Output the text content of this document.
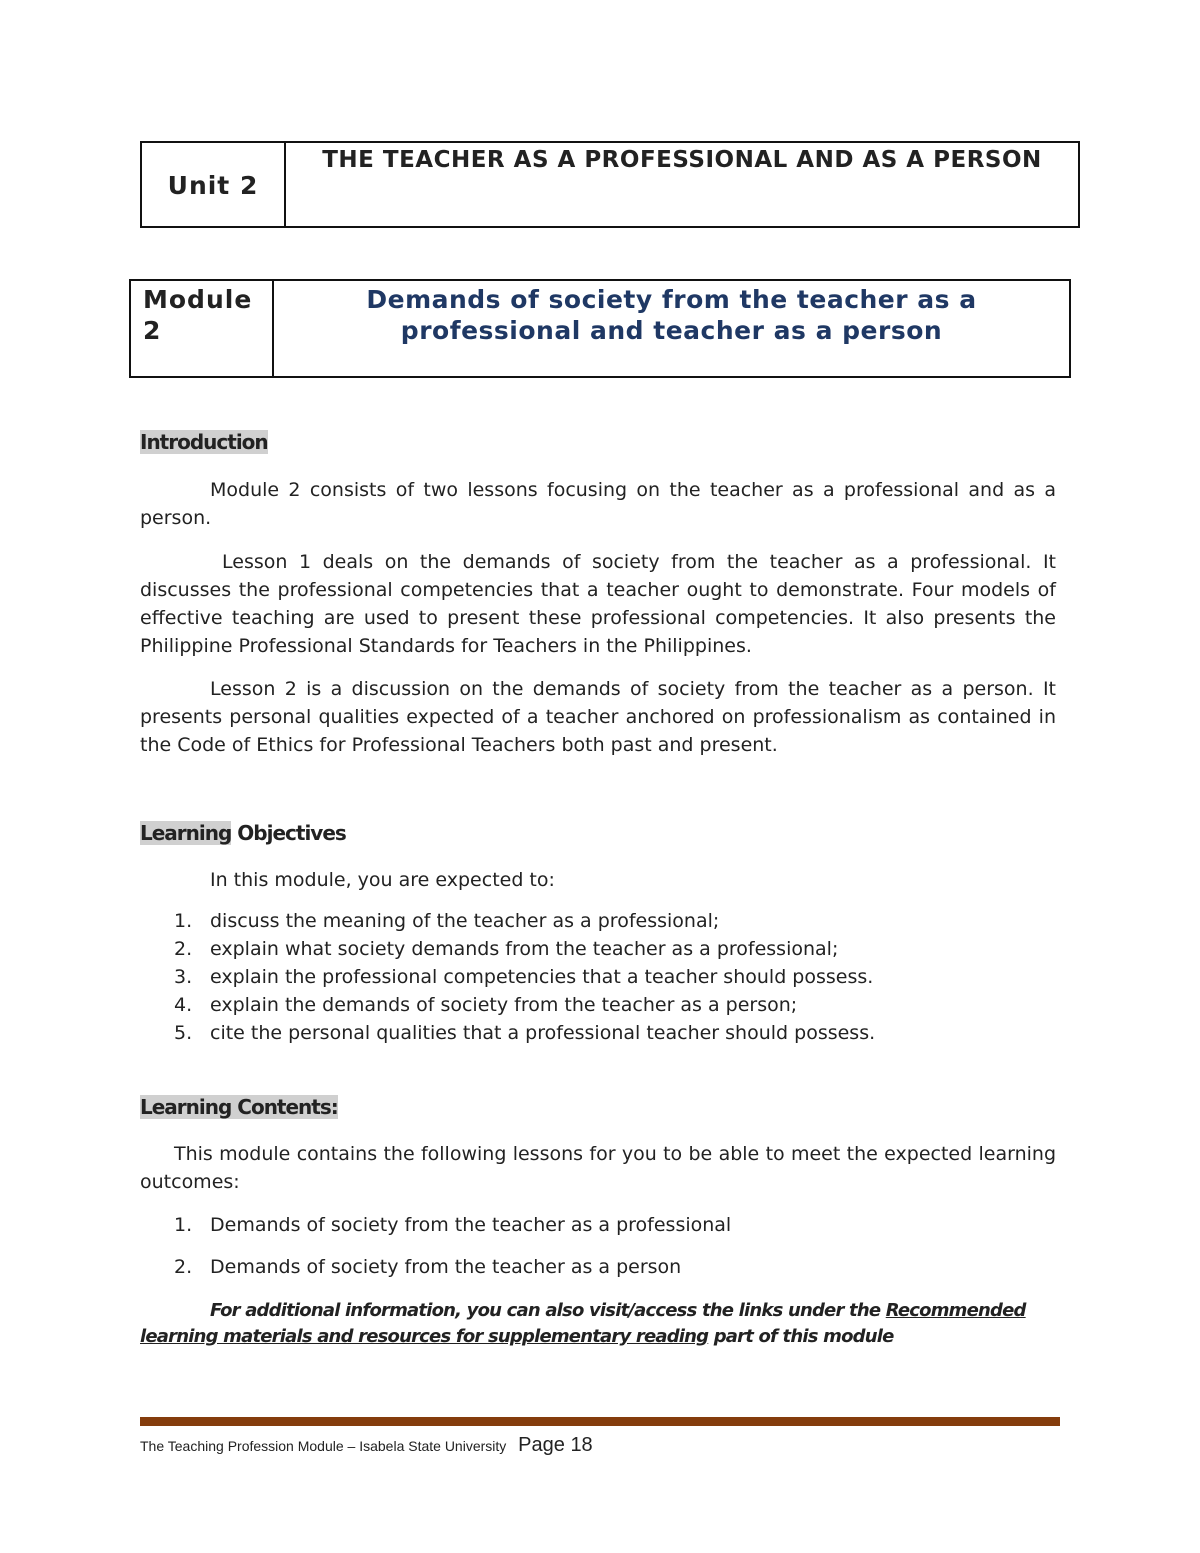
Unit 2
THE TEACHER AS A PROFESSIONAL AND AS A PERSON
Module 2
Demands of society from the teacher as a professional and teacher as a person
Introduction
Module 2 consists of two lessons focusing on the teacher as a professional and as a person.
Lesson 1 deals on the demands of society from the teacher as a professional. It discusses the professional competencies that a teacher ought to demonstrate. Four models of effective teaching are used to present these professional competencies. It also presents the Philippine Professional Standards for Teachers in the Philippines.
Lesson 2 is a discussion on the demands of society from the teacher as a person. It presents personal qualities expected of a teacher anchored on professionalism as contained in the Code of Ethics for Professional Teachers both past and present.
Learning Objectives
In this module, you are expected to:
1. discuss the meaning of the teacher as a professional;
2. explain what society demands from the teacher as a professional;
3. explain the professional competencies that a teacher should possess.
4. explain the demands of society from the teacher as a person;
5. cite the personal qualities that a professional teacher should possess.
Learning Contents:
This module contains the following lessons for you to be able to meet the expected learning outcomes:
1. Demands of society from the teacher as a professional
2. Demands of society from the teacher as a person
For additional information, you can also visit/access the links under the Recommended learning materials and resources for supplementary reading part of this module
The Teaching Profession Module – Isabela State University Page 18
